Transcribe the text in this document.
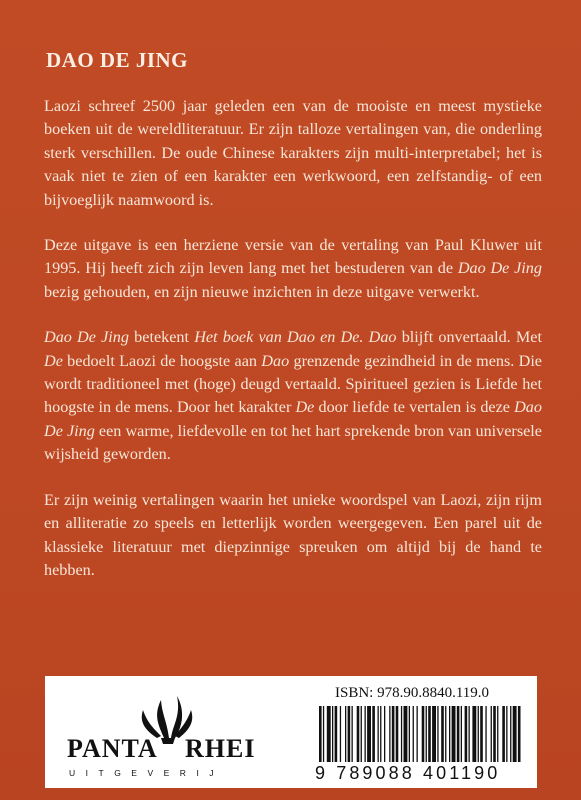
DAO DE JING

Laozi schreef 2500 jaar geleden een van de mooiste en meest mystieke boeken uit de wereldliteratuur. Er zijn talloze vertalingen van, die onderling sterk verschillen. De oude Chinese karakters zijn multi-interpretabel; het is vaak niet te zien of een karakter een werkwoord, een zelfstandig- of een bijvoeglijk naamwoord is.

Deze uitgave is een herziene versie van de vertaling van Paul Kluwer uit 1995. Hij heeft zich zijn leven lang met het bestuderen van de Dao De Jing bezig gehouden, en zijn nieuwe inzichten in deze uitgave verwerkt.

Dao De Jing betekent Het boek van Dao en De. Dao blijft onvertaald. Met De bedoelt Laozi de hoogste aan Dao grenzende gezindheid in de mens. Die wordt traditioneel met (hoge) deugd vertaald. Spiritueel gezien is Liefde het hoogste in de mens. Door het karakter De door liefde te vertalen is deze Dao De Jing een warme, liefdevolle en tot het hart sprekende bron van universele wijsheid geworden.

Er zijn weinig vertalingen waarin het unieke woordspel van Laozi, zijn rijm en alliteratie zo speels en letterlijk worden weergegeven. Een parel uit de klassieke literatuur met diepzinnige spreuken om altijd bij de hand te hebben.

PANTA RHEI
UITGEVERIJ
ISBN: 978.90.8840.119.0
9 789088 401190
